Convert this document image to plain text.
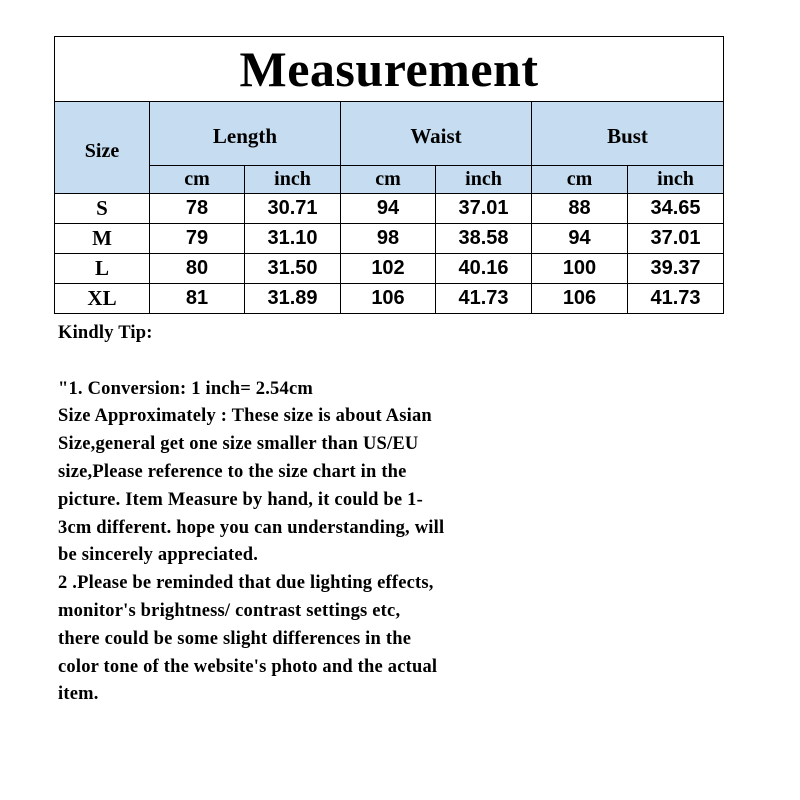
Measurement						
Size	Length		Waist		Bust	
	cm	inch	cm	inch	cm	inch
S	78	30.71	94	37.01	88	34.65
M	79	31.10	98	38.58	94	37.01
L	80	31.50	102	40.16	100	39.37
XL	81	31.89	106	41.73	106	41.73

Kindly Tip:

"1. Conversion: 1 inch= 2.54cm

Size Approximately : These size is about Asian

Size,general get one size smaller than US/EU

size,Please reference to the size chart in the

picture. Item Measure by hand, it could be 1-

3cm different. hope you can understanding, will

be sincerely appreciated.

2 .Please be reminded that due lighting effects,

monitor's brightness/ contrast settings etc,

there could be some slight differences in the

color tone of the website's photo and the actual

item.
